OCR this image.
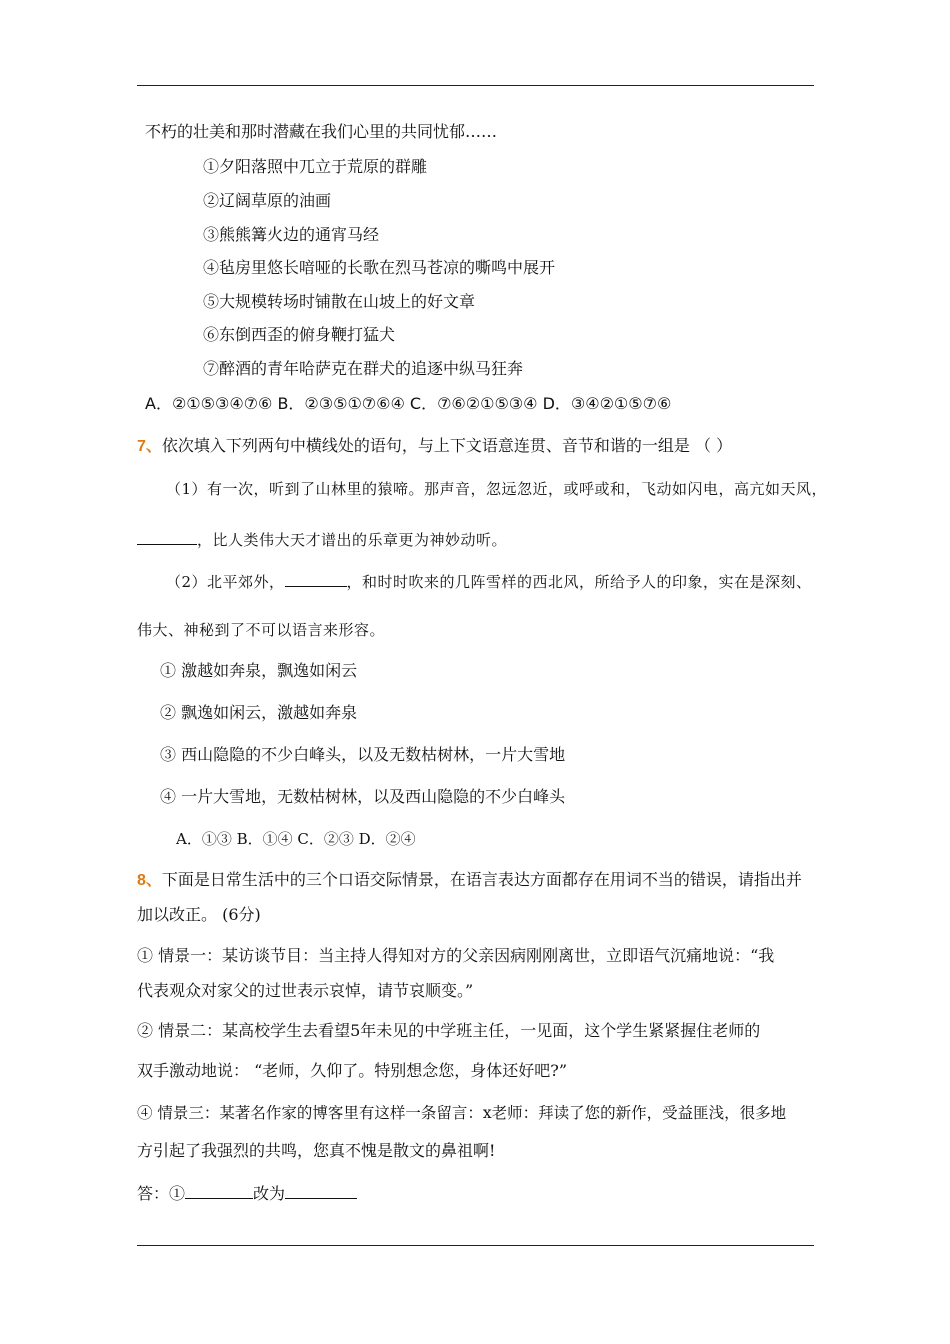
不朽的壮美和那时潜藏在我们心里的共同忧郁……
①夕阳落照中兀立于荒原的群雕
②辽阔草原的油画
③熊熊篝火边的通宵马经
④毡房里悠长喑哑的长歌在烈马苍凉的嘶鸣中展开
⑤大规模转场时铺散在山坡上的好文章
⑥东倒西歪的俯身鞭打猛犬
⑦醉酒的青年哈萨克在群犬的追逐中纵马狂奔
A．②①⑤③④⑦⑥ B．②③⑤①⑦⑥④ C．⑦⑥②①⑤③④ D．③④②①⑤⑦⑥
7、依次填入下列两句中横线处的语句，与上下文语意连贯、音节和谐的一组是 （ ）
（1）有一次，听到了山林里的猿啼。那声音，忽远忽近，或呼或和，飞动如闪电，高亢如天风，
，比人类伟大天才谱出的乐章更为神妙动听。
（2）北平郊外，	，和时时吹来的几阵雪样的西北风，所给予人的印象，实在是深刻、
伟大、神秘到了不可以语言来形容。
① 激越如奔泉，飘逸如闲云
② 飘逸如闲云，激越如奔泉
③ 西山隐隐的不少白峰头，以及无数枯树林，一片大雪地
④ 一片大雪地，无数枯树林，以及西山隐隐的不少白峰头
A．①③ B．①④ C．②③ D．②④
8、下面是日常生活中的三个口语交际情景，在语言表达方面都存在用词不当的错误，请指出并
加以改正。 (6分)
① 情景一：某访谈节目：当主持人得知对方的父亲因病刚刚离世，立即语气沉痛地说：“我
代表观众对家父的过世表示哀悼，请节哀顺变。”
② 情景二：某高校学生去看望5年未见的中学班主任，一见面，这个学生紧紧握住老师的
双手激动地说： “老师，久仰了。特别想念您，身体还好吧?”
④ 情景三：某著名作家的博客里有这样一条留言：x老师：拜读了您的新作，受益匪浅，很多地
方引起了我强烈的共鸣，您真不愧是散文的鼻祖啊!
答：①	改为
